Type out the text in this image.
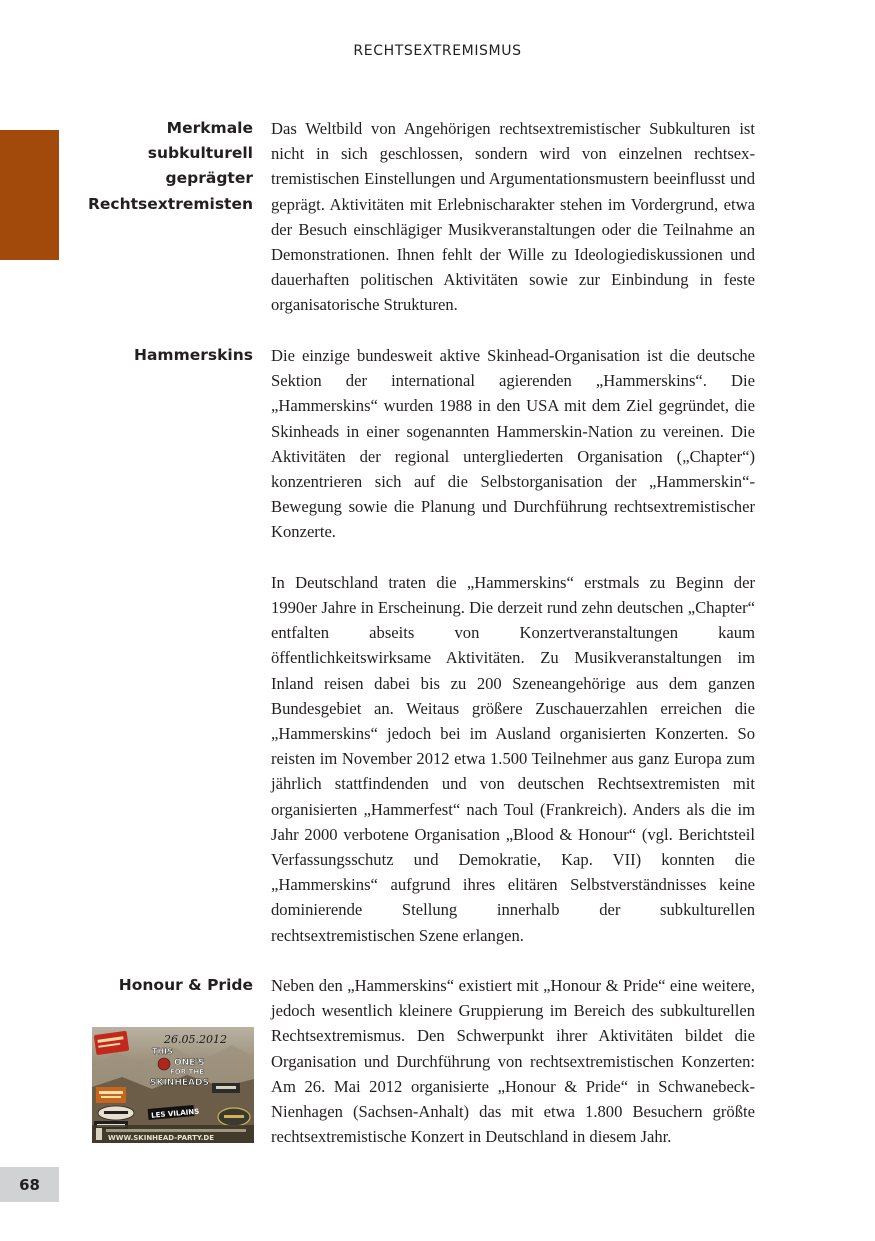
RECHTSEXTREMISMUS
68
Merkmale
subkulturell
geprägter
Rechtsextremisten

Das Weltbild von Angehörigen rechtsextremistischer Subkulturen ist nicht in sich geschlossen, sondern wird von einzelnen rechtsextremistischen Einstellungen und Argumentationsmustern beeinflusst und geprägt. Aktivitäten mit Erlebnischarakter stehen im Vordergrund, etwa der Besuch einschlägiger Musikveranstaltungen oder die Teilnahme an Demonstrationen. Ihnen fehlt der Wille zu Ideologiediskussionen und dauerhaften politischen Aktivitäten sowie zur Einbindung in feste organisatorische Strukturen.

Hammerskins Die einzige bundesweit aktive Skinhead-Organisation ist die deutsche Sektion der international agierenden „Hammerskins“. Die „Hammerskins“ wurden 1988 in den USA mit dem Ziel gegründet, die Skinheads in einer sogenannten Hammerskin-Nation zu vereinen. Die Aktivitäten der regional untergliederten Organisation („Chapter“) konzentrieren sich auf die Selbstorganisation der „Hammerskin“-Bewegung sowie die Planung und Durchführung rechtsextremistischer Konzerte.

In Deutschland traten die „Hammerskins“ erstmals zu Beginn der 1990er Jahre in Erscheinung. Die derzeit rund zehn deutschen „Chapter“ entfalten abseits von Konzertveranstaltungen kaum öffentlichkeitswirksame Aktivitäten. Zu Musikveranstaltungen im Inland reisen dabei bis zu 200 Szeneangehörige aus dem ganzen Bundesgebiet an. Weitaus größere Zuschauerzahlen erreichen die „Hammerskins“ jedoch bei im Ausland organisierten Konzerten. So reisten im November 2012 etwa 1.500 Teilnehmer aus ganz Europa zum jährlich stattfindenden und von deutschen Rechtsextremisten mit organisierten „Hammerfest“ nach Toul (Frankreich). Anders als die im Jahr 2000 verbotene Organisation „Blood & Honour“ (vgl. Berichtsteil Verfassungsschutz und Demokratie, Kap. VII) konnten die „Hammerskins“ aufgrund ihres elitären Selbstverständnisses keine dominierende Stellung innerhalb der subkulturellen rechtsextremistischen Szene erlangen.

Honour & Pride Neben den „Hammerskins“ existiert mit „Honour & Pride“ eine weitere, jedoch wesentlich kleinere Gruppierung im Bereich des subkulturellen Rechtsextremismus. Den Schwerpunkt ihrer Aktivitäten bildet die Organisation und Durchführung von rechtsextremistischen Konzerten: Am 26. Mai 2012 organisierte „Honour & Pride“ in Schwanebeck-Nienhagen (Sachsen-Anhalt) das mit etwa 1.800 Besuchern größte rechtsextremistische Konzert in Deutschland in diesem Jahr.

26.05.2012
THIS
ONE'S
FOR THE
SKINHEADS
LES VILAINS
WWW.SKINHEAD-PARTY.DE
